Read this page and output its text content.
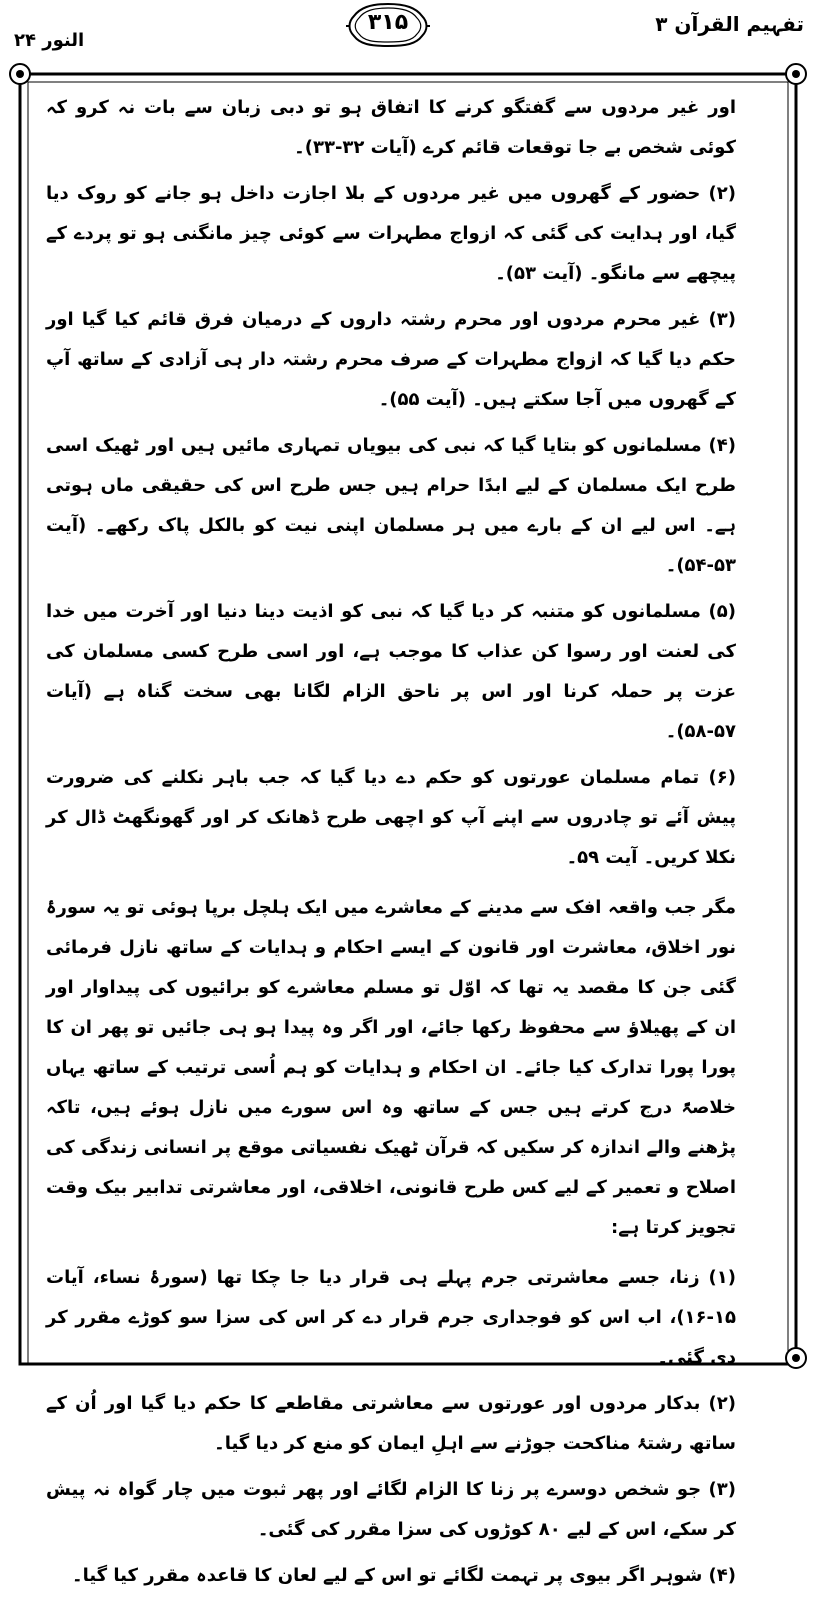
تفہیم القرآن ۳
۳۱۵
النور ۲۴

اور غیر مردوں سے گفتگو کرنے کا اتفاق ہو تو دبی زبان سے بات نہ کرو کہ کوئی شخص بے جا توقعات قائم کرے (آیات ۳۲-۳۳)۔

(۲) حضور کے گھروں میں غیر مردوں کے بلا اجازت داخل ہو جانے کو روک دیا گیا، اور ہدایت کی گئی کہ ازواج مطہرات سے کوئی چیز مانگنی ہو تو پردے کے پیچھے سے مانگو۔ (آیت ۵۳)۔

(۳) غیر محرم مردوں اور محرم رشتہ داروں کے درمیان فرق قائم کیا گیا اور حکم دیا گیا کہ ازواج مطہرات کے صرف محرم رشتہ دار ہی آزادی کے ساتھ آپ کے گھروں میں آجا سکتے ہیں۔ (آیت ۵۵)۔

(۴) مسلمانوں کو بتایا گیا کہ نبی کی بیویاں تمہاری مائیں ہیں اور ٹھیک اسی طرح ایک مسلمان کے لیے ابدًا حرام ہیں جس طرح اس کی حقیقی ماں ہوتی ہے۔ اس لیے ان کے بارے میں ہر مسلمان اپنی نیت کو بالکل پاک رکھے۔ (آیت ۵۳-۵۴)۔

(۵) مسلمانوں کو متنبہ کر دیا گیا کہ نبی کو اذیت دینا دنیا اور آخرت میں خدا کی لعنت اور رسوا کن عذاب کا موجب ہے، اور اسی طرح کسی مسلمان کی عزت پر حملہ کرنا اور اس پر ناحق الزام لگانا بھی سخت گناہ ہے (آیات ۵۷-۵۸)۔

(۶) تمام مسلمان عورتوں کو حکم دے دیا گیا کہ جب باہر نکلنے کی ضرورت پیش آئے تو چادروں سے اپنے آپ کو اچھی طرح ڈھانک کر اور گھونگھٹ ڈال کر نکلا کریں۔ آیت ۵۹۔

مگر جب واقعہ افک سے مدینے کے معاشرے میں ایک ہلچل برپا ہوئی تو یہ سورۂ نور اخلاق، معاشرت اور قانون کے ایسے احکام و ہدایات کے ساتھ نازل فرمائی گئی جن کا مقصد یہ تھا کہ اوّل تو مسلم معاشرے کو برائیوں کی پیداوار اور ان کے پھیلاؤ سے محفوظ رکھا جائے، اور اگر وہ پیدا ہو ہی جائیں تو پھر ان کا پورا پورا تدارک کیا جائے۔ ان احکام و ہدایات کو ہم اُسی ترتیب کے ساتھ یہاں خلاصۃً درج کرتے ہیں جس کے ساتھ وہ اس سورے میں نازل ہوئے ہیں، تاکہ پڑھنے والے اندازہ کر سکیں کہ قرآن ٹھیک نفسیاتی موقع پر انسانی زندگی کی اصلاح و تعمیر کے لیے کس طرح قانونی، اخلاقی، اور معاشرتی تدابیر بیک وقت تجویز کرتا ہے:

(۱) زنا، جسے معاشرتی جرم پہلے ہی قرار دیا جا چکا تھا (سورۂ نساء، آیات ۱۵-۱۶)، اب اس کو فوجداری جرم قرار دے کر اس کی سزا سو کوڑے مقرر کر دی گئی۔

(۲) بدکار مردوں اور عورتوں سے معاشرتی مقاطعے کا حکم دیا گیا اور اُن کے ساتھ رشتۂ مناکحت جوڑنے سے اہلِ ایمان کو منع کر دیا گیا۔

(۳) جو شخص دوسرے پر زنا کا الزام لگائے اور پھر ثبوت میں چار گواہ نہ پیش کر سکے، اس کے لیے ۸۰ کوڑوں کی سزا مقرر کی گئی۔

(۴) شوہر اگر بیوی پر تہمت لگائے تو اس کے لیے لعان کا قاعدہ مقرر کیا گیا۔
